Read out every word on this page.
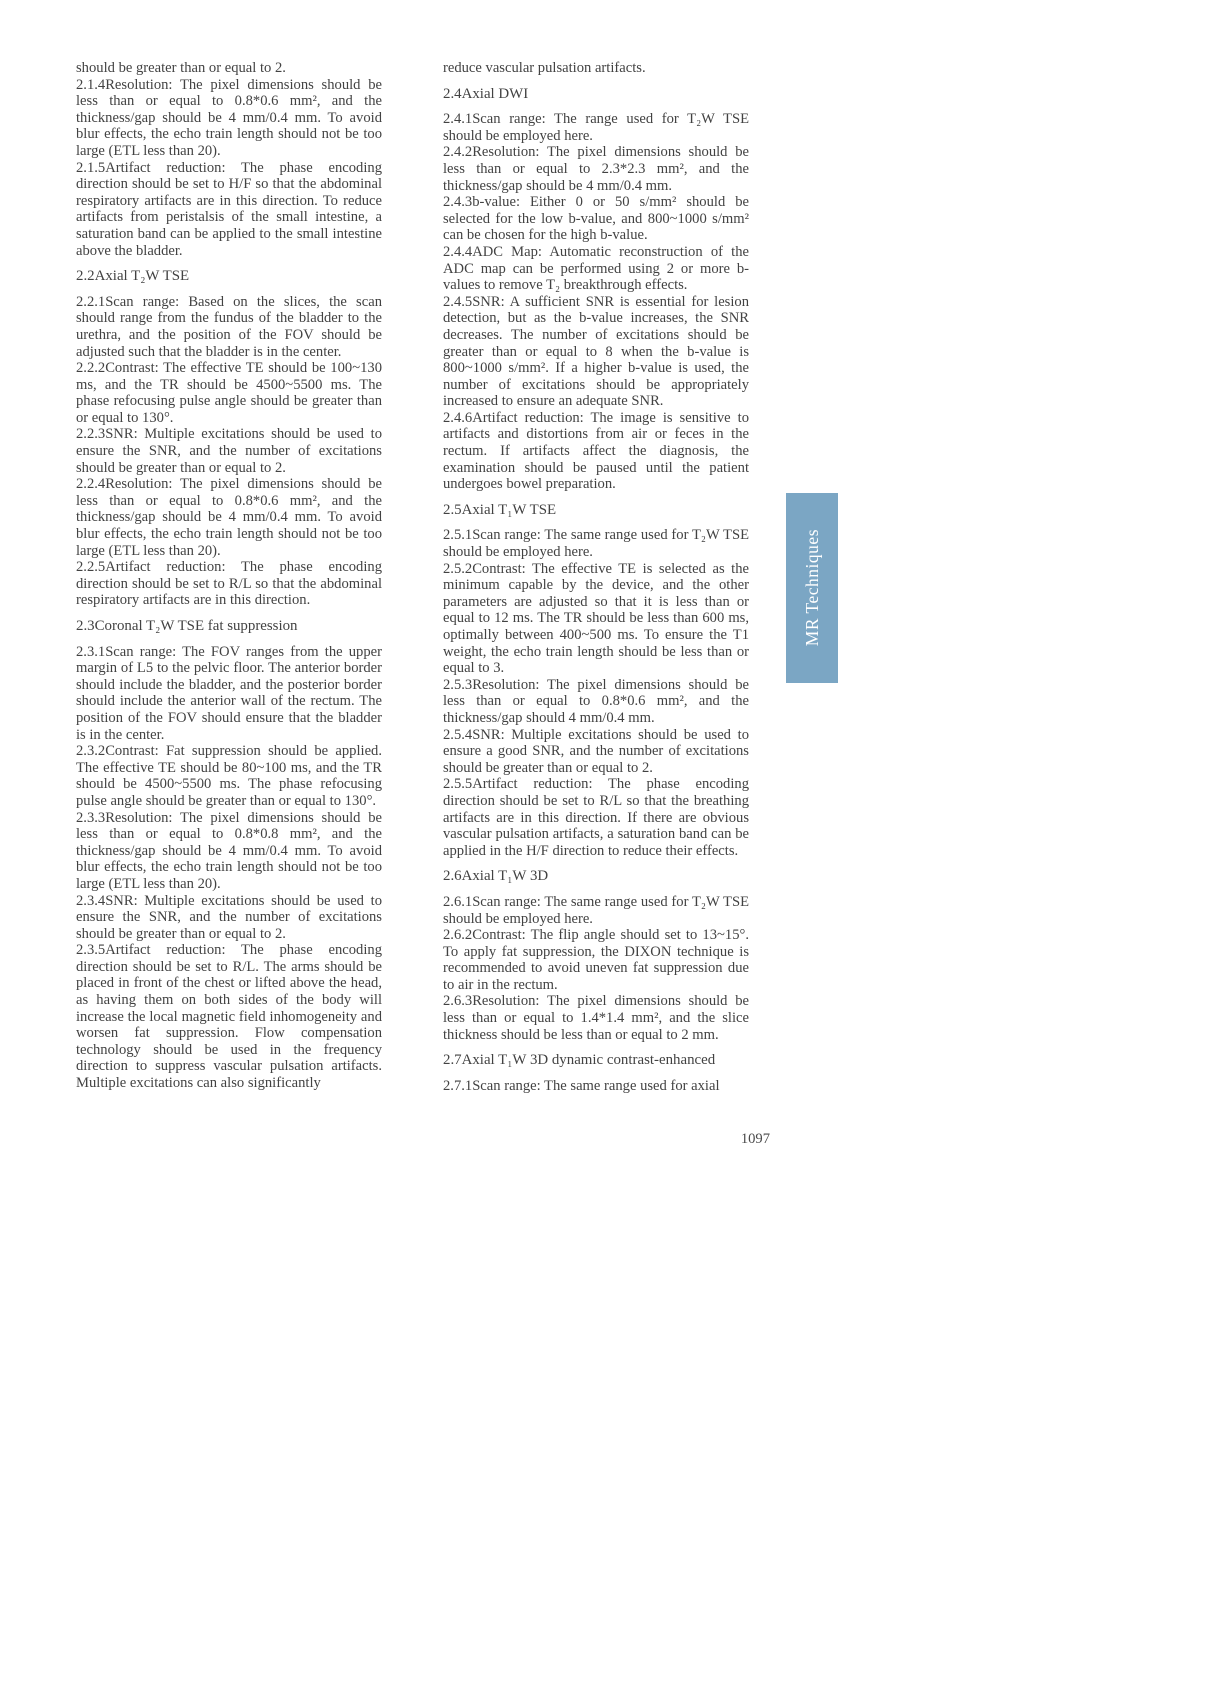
should be greater than or equal to 2.

2.1.4Resolution: The pixel dimensions should be less than or equal to 0.8*0.6 mm², and the thickness/gap should be 4 mm/0.4 mm. To avoid blur effects, the echo train length should not be too large (ETL less than 20).

2.1.5Artifact reduction: The phase encoding direction should be set to H/F so that the abdominal respiratory artifacts are in this direction. To reduce artifacts from peristalsis of the small intestine, a saturation band can be applied to the small intestine above the bladder.

2.2Axial T₂W TSE

2.2.1Scan range: Based on the slices, the scan should range from the fundus of the bladder to the urethra, and the position of the FOV should be adjusted such that the bladder is in the center.

2.2.2Contrast: The effective TE should be 100~130 ms, and the TR should be 4500~5500 ms. The phase refocusing pulse angle should be greater than or equal to 130°.

2.2.3SNR: Multiple excitations should be used to ensure the SNR, and the number of excitations should be greater than or equal to 2.

2.2.4Resolution: The pixel dimensions should be less than or equal to 0.8*0.6 mm², and the thickness/gap should be 4 mm/0.4 mm. To avoid blur effects, the echo train length should not be too large (ETL less than 20).

2.2.5Artifact reduction: The phase encoding direction should be set to R/L so that the abdominal respiratory artifacts are in this direction.

2.3Coronal T₂W TSE fat suppression

2.3.1Scan range: The FOV ranges from the upper margin of L5 to the pelvic floor. The anterior border should include the bladder, and the posterior border should include the anterior wall of the rectum. The position of the FOV should ensure that the bladder is in the center.

2.3.2Contrast: Fat suppression should be applied. The effective TE should be 80~100 ms, and the TR should be 4500~5500 ms. The phase refocusing pulse angle should be greater than or equal to 130°.

2.3.3Resolution: The pixel dimensions should be less than or equal to 0.8*0.8 mm², and the thickness/gap should be 4 mm/0.4 mm. To avoid blur effects, the echo train length should not be too large (ETL less than 20).

2.3.4SNR: Multiple excitations should be used to ensure the SNR, and the number of excitations should be greater than or equal to 2.

2.3.5Artifact reduction: The phase encoding direction should be set to R/L. The arms should be placed in front of the chest or lifted above the head, as having them on both sides of the body will increase the local magnetic field inhomogeneity and worsen fat suppression. Flow compensation technology should be used in the frequency direction to suppress vascular pulsation artifacts. Multiple excitations can also significantly

reduce vascular pulsation artifacts.

2.4Axial DWI

2.4.1Scan range: The range used for T₂W TSE should be employed here.

2.4.2Resolution: The pixel dimensions should be less than or equal to 2.3*2.3 mm², and the thickness/gap should be 4 mm/0.4 mm.

2.4.3b-value: Either 0 or 50 s/mm² should be selected for the low b-value, and 800~1000 s/mm² can be chosen for the high b-value.

2.4.4ADC Map: Automatic reconstruction of the ADC map can be performed using 2 or more b-values to remove T₂ breakthrough effects.

2.4.5SNR: A sufficient SNR is essential for lesion detection, but as the b-value increases, the SNR decreases. The number of excitations should be greater than or equal to 8 when the b-value is 800~1000 s/mm². If a higher b-value is used, the number of excitations should be appropriately increased to ensure an adequate SNR.

2.4.6Artifact reduction: The image is sensitive to artifacts and distortions from air or feces in the rectum. If artifacts affect the diagnosis, the examination should be paused until the patient undergoes bowel preparation.

2.5Axial T₁W TSE

2.5.1Scan range: The same range used for T₂W TSE should be employed here.

2.5.2Contrast: The effective TE is selected as the minimum capable by the device, and the other parameters are adjusted so that it is less than or equal to 12 ms. The TR should be less than 600 ms, optimally between 400~500 ms. To ensure the T1 weight, the echo train length should be less than or equal to 3.

2.5.3Resolution: The pixel dimensions should be less than or equal to 0.8*0.6 mm², and the thickness/gap should 4 mm/0.4 mm.

2.5.4SNR: Multiple excitations should be used to ensure a good SNR, and the number of excitations should be greater than or equal to 2.

2.5.5Artifact reduction: The phase encoding direction should be set to R/L so that the breathing artifacts are in this direction. If there are obvious vascular pulsation artifacts, a saturation band can be applied in the H/F direction to reduce their effects.

2.6Axial T₁W 3D

2.6.1Scan range: The same range used for T₂W TSE should be employed here.

2.6.2Contrast: The flip angle should set to 13~15°. To apply fat suppression, the DIXON technique is recommended to avoid uneven fat suppression due to air in the rectum.

2.6.3Resolution: The pixel dimensions should be less than or equal to 1.4*1.4 mm², and the slice thickness should be less than or equal to 2 mm.

2.7Axial T₁W 3D dynamic contrast-enhanced

2.7.1Scan range: The same range used for axial

MR Techniques
1097
